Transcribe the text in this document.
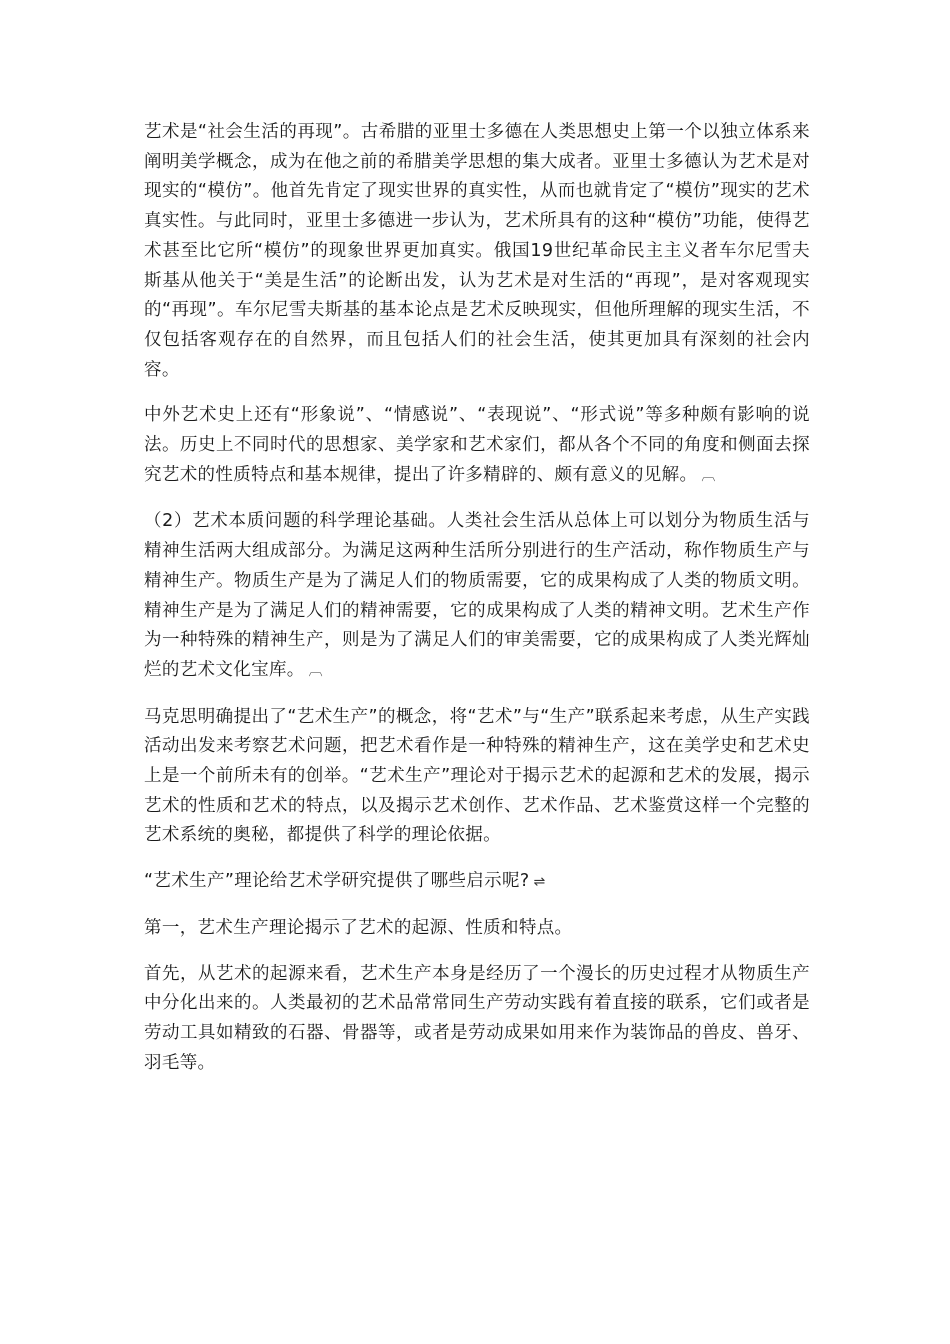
艺术是“社会生活的再现”。古希腊的亚里士多德在人类思想史上第一个以独立体系来阐明美学概念，成为在他之前的希腊美学思想的集大成者。亚里士多德认为艺术是对现实的“模仿”。他首先肯定了现实世界的真实性，从而也就肯定了“模仿”现实的艺术真实性。与此同时，亚里士多德进一步认为，艺术所具有的这种“模仿”功能，使得艺术甚至比它所“模仿”的现象世界更加真实。俄国19世纪革命民主主义者车尔尼雪夫斯基从他关于“美是生活”的论断出发，认为艺术是对生活的“再现”，是对客观现实的“再现”。车尔尼雪夫斯基的基本论点是艺术反映现实，但他所理解的现实生活，不仅包括客观存在的自然界，而且包括人们的社会生活，使其更加具有深刻的社会内容。

中外艺术史上还有“形象说”、“情感说”、“表现说”、“形式说”等多种颇有影响的说法。历史上不同时代的思想家、美学家和艺术家们，都从各个不同的角度和侧面去探究艺术的性质特点和基本规律，提出了许多精辟的、颇有意义的见解。 ︹

（2）艺术本质问题的科学理论基础。人类社会生活从总体上可以划分为物质生活与精神生活两大组成部分。为满足这两种生活所分别进行的生产活动，称作物质生产与精神生产。物质生产是为了满足人们的物质需要，它的成果构成了人类的物质文明。精神生产是为了满足人们的精神需要，它的成果构成了人类的精神文明。艺术生产作为一种特殊的精神生产，则是为了满足人们的审美需要，它的成果构成了人类光辉灿烂的艺术文化宝库。 ︹

马克思明确提出了“艺术生产”的概念，将“艺术”与“生产”联系起来考虑，从生产实践活动出发来考察艺术问题，把艺术看作是一种特殊的精神生产，这在美学史和艺术史上是一个前所未有的创举。“艺术生产”理论对于揭示艺术的起源和艺术的发展，揭示艺术的性质和艺术的特点，以及揭示艺术创作、艺术作品、艺术鉴赏这样一个完整的艺术系统的奥秘，都提供了科学的理论依据。

“艺术生产”理论给艺术学研究提供了哪些启示呢? ⇌

第一，艺术生产理论揭示了艺术的起源、性质和特点。

首先，从艺术的起源来看，艺术生产本身是经历了一个漫长的历史过程才从物质生产中分化出来的。人类最初的艺术品常常同生产劳动实践有着直接的联系，它们或者是劳动工具如精致的石器、骨器等，或者是劳动成果如用来作为装饰品的兽皮、兽牙、羽毛等。
